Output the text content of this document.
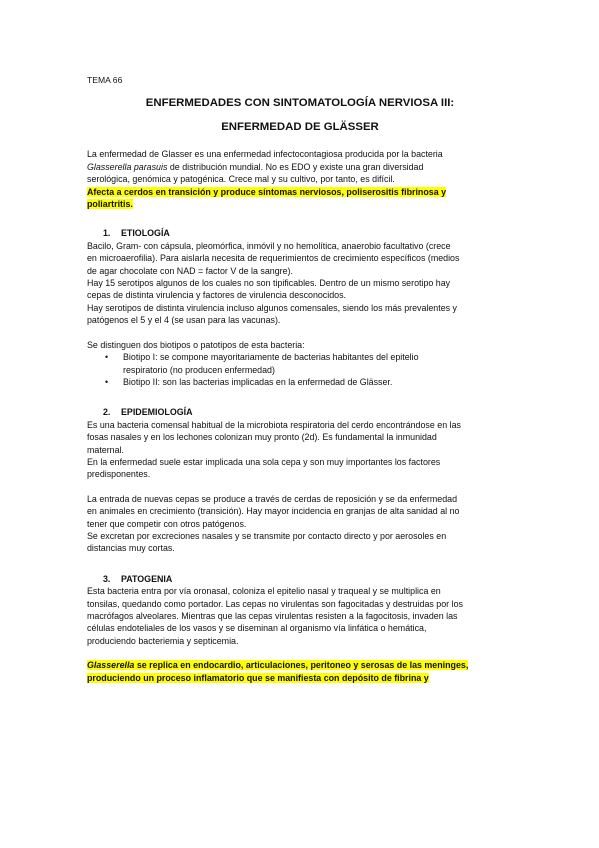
TEMA 66

ENFERMEDADES CON SINTOMATOLOGÍA NERVIOSA III:

ENFERMEDAD DE GLÄSSER

La enfermedad de Glasser es una enfermedad infectocontagiosa producida por la bacteria

Glasserella parasuis de distribución mundial. No es EDO y existe una gran diversidad

serológica, genómica y patogénica. Crece mal y su cultivo, por tanto, es difícil.

Afecta a cerdos en transición y produce síntomas nerviosos, poliserositis fibrinosa y

poliartritis.

1. ETIOLOGÍA

Bacilo, Gram- con cápsula, pleomórfica, inmóvil y no hemolítica, anaerobio facultativo (crece

en microaerofilia). Para aislarla necesita de requerimientos de crecimiento específicos (medios

de agar chocolate con NAD = factor V de la sangre).

Hay 15 serotipos algunos de los cuales no son tipificables. Dentro de un mismo serotipo hay

cepas de distinta virulencia y factores de virulencia desconocidos.

Hay serotipos de distinta virulencia incluso algunos comensales, siendo los más prevalentes y

patógenos el 5 y el 4 (se usan para las vacunas).

Se distinguen dos biotipos o patotipos de esta bacteria:

• Biotipo I: se compone mayoritariamente de bacterias habitantes del epitelio
respiratorio (no producen enfermedad)
• Biotipo II: son las bacterias implicadas en la enfermedad de Glässer.

2. EPIDEMIOLOGÍA

Es una bacteria comensal habitual de la microbiota respiratoria del cerdo encontrándose en las

fosas nasales y en los lechones colonizan muy pronto (2d). Es fundamental la inmunidad

maternal.

En la enfermedad suele estar implicada una sola cepa y son muy importantes los factores

predisponentes.

La entrada de nuevas cepas se produce a través de cerdas de reposición y se da enfermedad

en animales en crecimiento (transición). Hay mayor incidencia en granjas de alta sanidad al no

tener que competir con otros patógenos.

Se excretan por excreciones nasales y se transmite por contacto directo y por aerosoles en

distancias muy cortas.

3. PATOGENIA

Esta bacteria entra por vía oronasal, coloniza el epitelio nasal y traqueal y se multiplica en

tonsilas, quedando como portador. Las cepas no virulentas son fagocitadas y destruidas por los

macrófagos alveolares. Mientras que las cepas virulentas resisten a la fagocitosis, invaden las

células endoteliales de los vasos y se diseminan al organismo vía linfática o hemática,

produciendo bacteriemia y septicemia.

Glasserella se replica en endocardio, articulaciones, peritoneo y serosas de las meninges,

produciendo un proceso inflamatorio que se manifiesta con depósito de fibrina y
